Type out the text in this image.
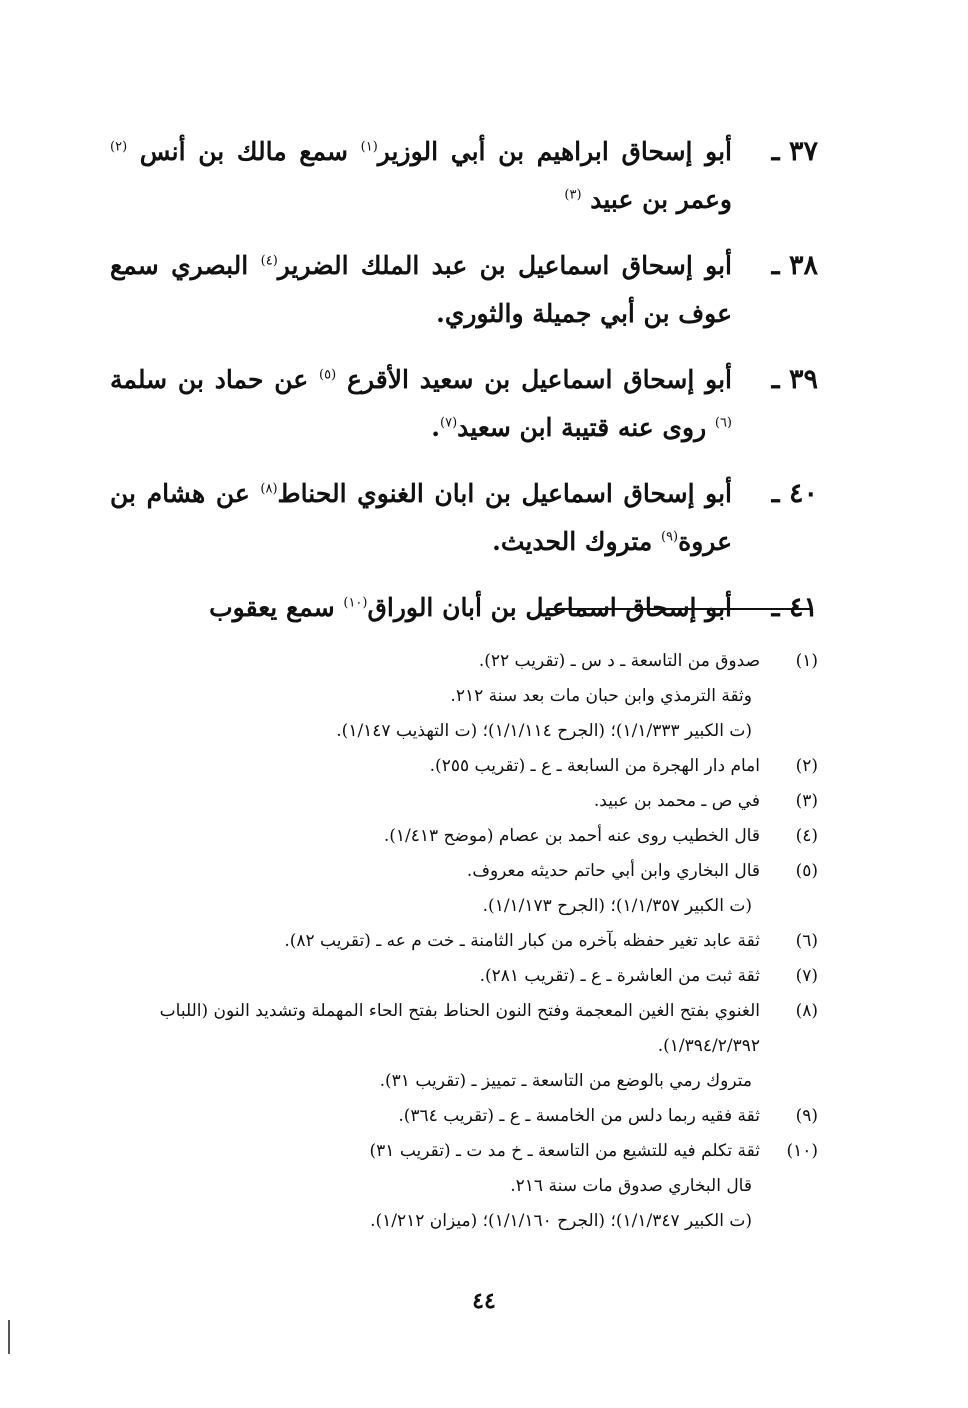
٣٧ ـ
أبو إسحاق ابراهيم بن أبي الوزير$^{(١)}$ سمع مالك بن أنس $^{(٢)}$ وعمر بن عبيد $^{(٣)}$
٣٨ ـ
أبو إسحاق اسماعيل بن عبد الملك الضرير$^{(٤)}$ البصري سمع عوف بن أبي جميلة والثوري.
٣٩ ـ
أبو إسحاق اسماعيل بن سعيد الأقرع $^{(٥)}$ عن حماد بن سلمة $^{(٦)}$ روى عنه قتيبة ابن سعيد$^{(٧)}$.
٤٠ ـ
أبو إسحاق اسماعيل بن ابان الغنوي الحناط$^{(٨)}$ عن هشام بن عروة$^{(٩)}$ متروك الحديث.
٤١ ـ
أبو إسحاق اسماعيل بن أبان الوراق$^{(١٠)}$ سمع يعقوب
(١)
صدوق من التاسعة ـ د س ـ (تقريب ٢٢).
وثقة الترمذي وابن حبان مات بعد سنة ٢١٢.
(ت الكبير ١/١/٣٣٣)؛ (الجرح ١/١/١١٤)؛ (ت التهذيب ١/١٤٧).
(٢)
امام دار الهجرة من السابعة ـ ع ـ (تقريب ٢٥٥).
(٣)
في ص ـ محمد بن عبيد.
(٤)
قال الخطيب روى عنه أحمد بن عصام (موضح ١/٤١٣).
(٥)
قال البخاري وابن أبي حاتم حديثه معروف.
(ت الكبير ١/١/٣٥٧)؛ (الجرح ١/١/١٧٣).
(٦)
ثقة عابد تغير حفظه بآخره من كبار الثامنة ـ خت م عه ـ (تقريب ٨٢).
(٧)
ثقة ثبت من العاشرة ـ ع ـ (تقريب ٢٨١).
(٨)
الغنوي بفتح الغين المعجمة وفتح النون الحناط بفتح الحاء المهملة وتشديد النون (اللباب ١/٣٩٤/٢/٣٩٢).
متروك رمي بالوضع من التاسعة ـ تمييز ـ (تقريب ٣١).
(٩)
ثقة فقيه ربما دلس من الخامسة ـ ع ـ (تقريب ٣٦٤).
(١٠)
ثقة تكلم فيه للتشيع من التاسعة ـ خ مد ت ـ (تقريب ٣١)
قال البخاري صدوق مات سنة ٢١٦.
(ت الكبير ١/١/٣٤٧)؛ (الجرح ١/١/١٦٠)؛ (ميزان ١/٢١٢).
٤٤
